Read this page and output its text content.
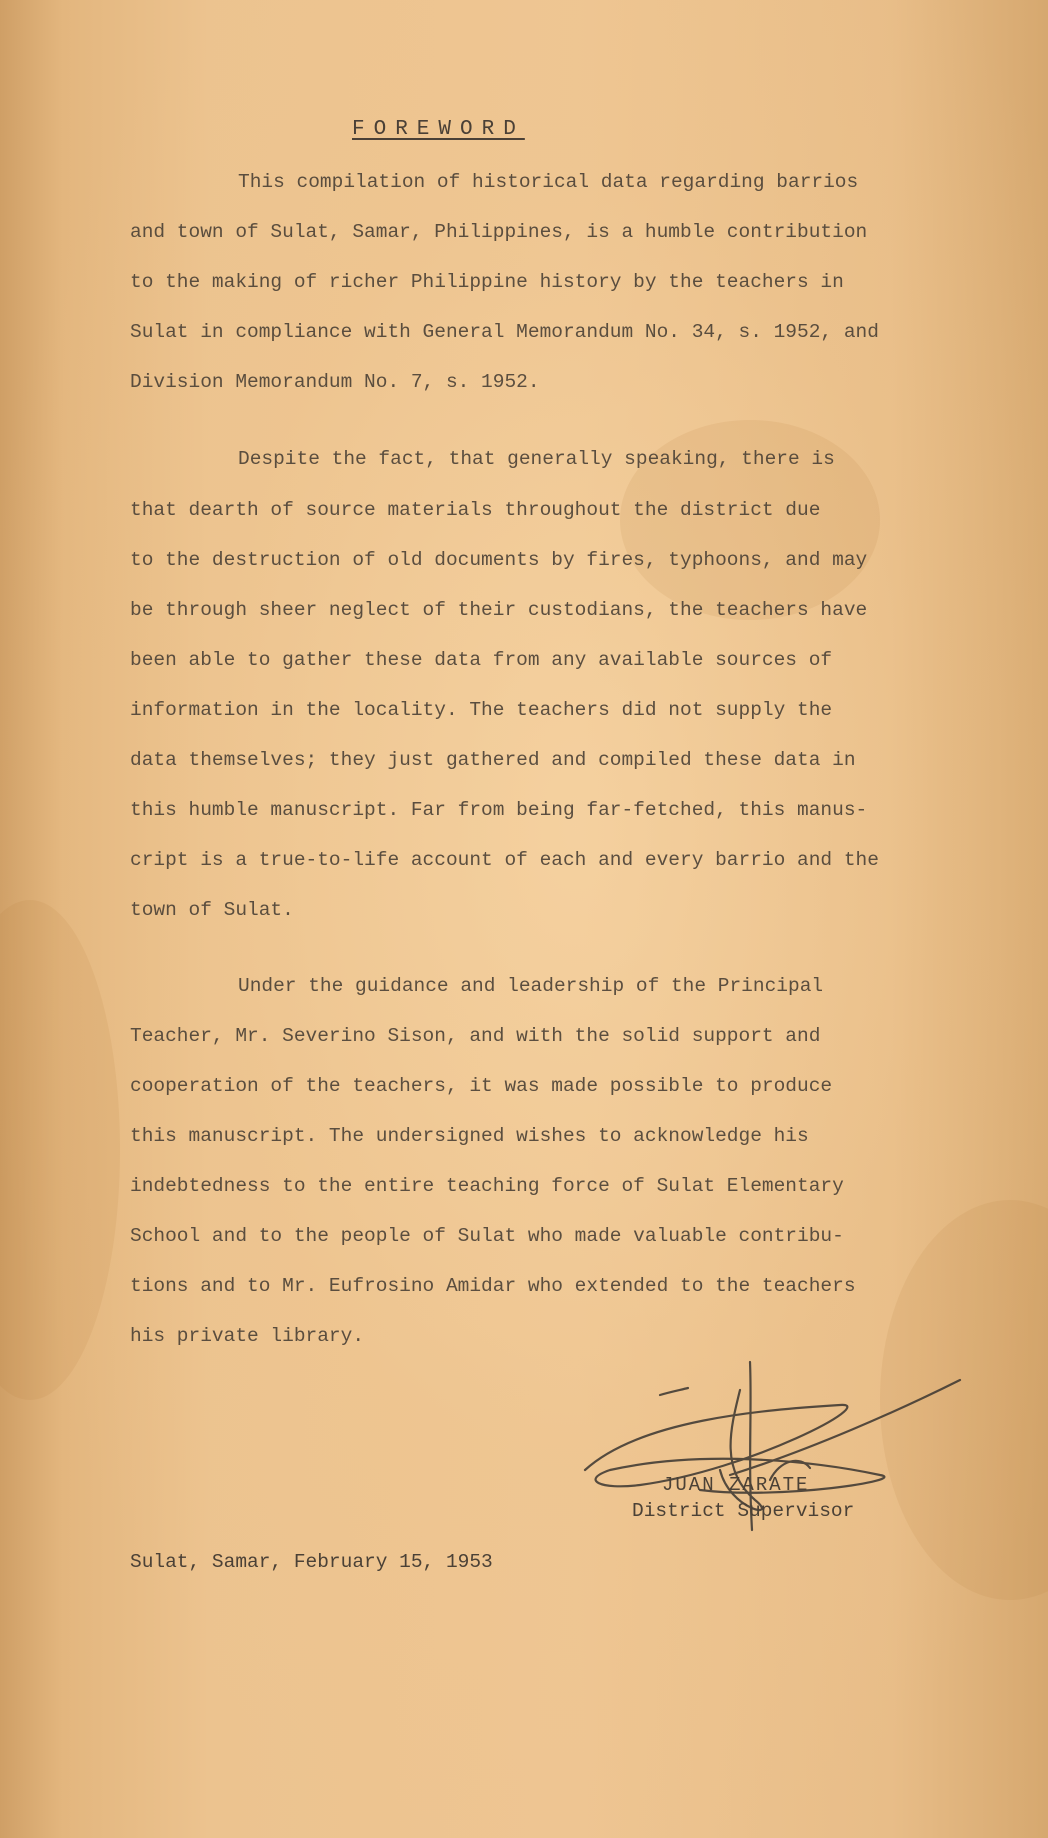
FOREWORD
This compilation of historical data regarding barrios
and town of Sulat, Samar, Philippines, is a humble contribution
to the making of richer Philippine history by the teachers in
Sulat in compliance with General Memorandum No. 34, s. 1952, and
Division Memorandum No. 7, s. 1952.
Despite the fact, that generally speaking, there is
that dearth of source materials throughout the district due
to the destruction of old documents by fires, typhoons, and may
be through sheer neglect of their custodians, the teachers have
been able to gather these data from any available sources of
information in the locality. The teachers did not supply the
data themselves; they just gathered and compiled these data in
this humble manuscript. Far from being far-fetched, this manus-
cript is a true-to-life account of each and every barrio and the
town of Sulat.
Under the guidance and leadership of the Principal
Teacher, Mr. Severino Sison, and with the solid support and
cooperation of the teachers, it was made possible to produce
this manuscript. The undersigned wishes to acknowledge his
indebtedness to the entire teaching force of Sulat Elementary
School and to the people of Sulat who made valuable contribu-
tions and to Mr. Eufrosino Amidar who extended to the teachers
his private library.
JUAN ZARATE
District Supervisor
Sulat, Samar, February 15, 1953
